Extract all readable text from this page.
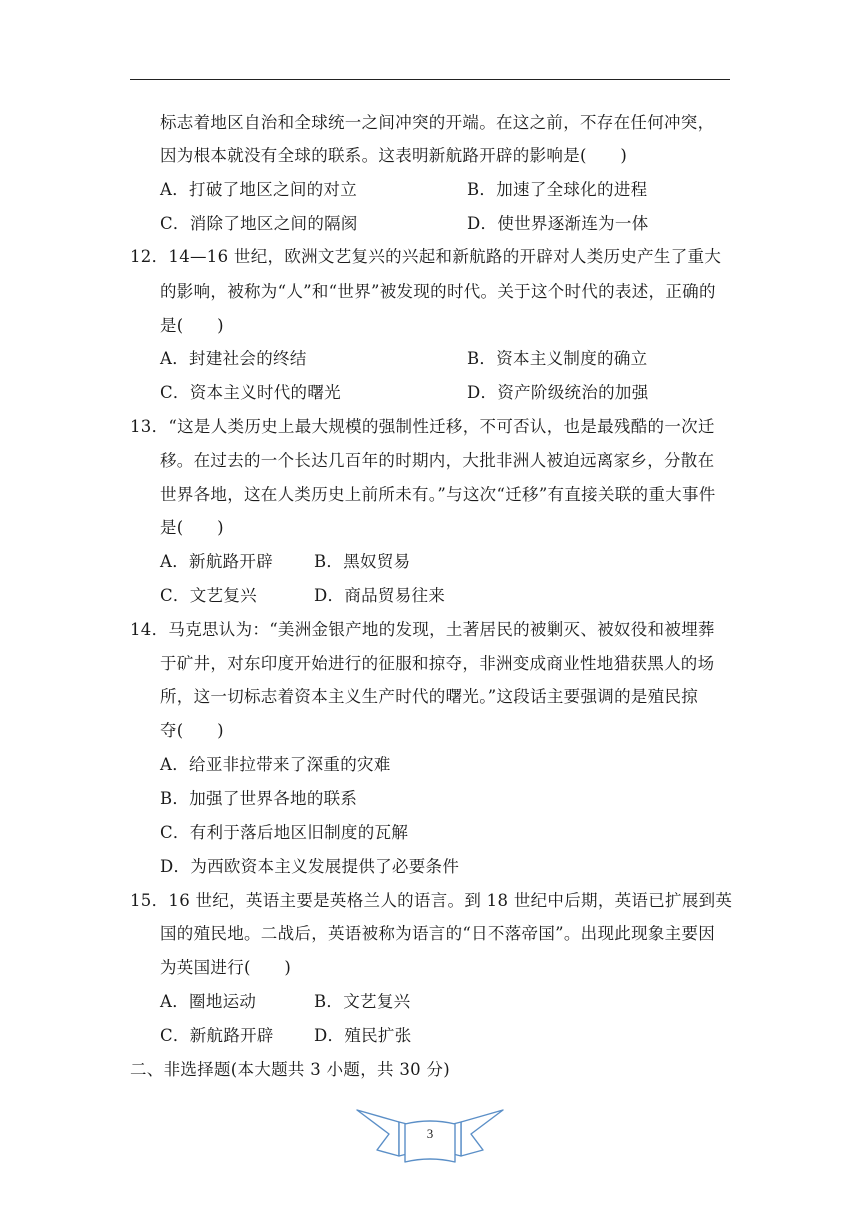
标志着地区自治和全球统一之间冲突的开端。在这之前，不存在任何冲突，
因为根本就没有全球的联系。这表明新航路开辟的影响是(　　)
A．打破了地区之间的对立	B．加速了全球化的进程
C．消除了地区之间的隔阂	D．使世界逐渐连为一体
12．14—16 世纪，欧洲文艺复兴的兴起和新航路的开辟对人类历史产生了重大
的影响，被称为“人”和“世界”被发现的时代。关于这个时代的表述，正确的
是(　　)
A．封建社会的终结	B．资本主义制度的确立
C．资本主义时代的曙光	D．资产阶级统治的加强
13．“这是人类历史上最大规模的强制性迁移，不可否认，也是最残酷的一次迁
移。在过去的一个长达几百年的时期内，大批非洲人被迫远离家乡，分散在
世界各地，这在人类历史上前所未有。”与这次“迁移”有直接关联的重大事件
是(　　)
A．新航路开辟 B．黑奴贸易
C．文艺复兴	D．商品贸易往来
14．马克思认为：“美洲金银产地的发现，土著居民的被剿灭、被奴役和被埋葬
于矿井，对东印度开始进行的征服和掠夺，非洲变成商业性地猎获黑人的场
所，这一切标志着资本主义生产时代的曙光。”这段话主要强调的是殖民掠
夺(　　)
A．给亚非拉带来了深重的灾难
B．加强了世界各地的联系
C．有利于落后地区旧制度的瓦解
D．为西欧资本主义发展提供了必要条件
15．16 世纪，英语主要是英格兰人的语言。到 18 世纪中后期，英语已扩展到英
国的殖民地。二战后，英语被称为语言的“日不落帝国”。出现此现象主要因
为英国进行(　　)
A．圈地运动	B．文艺复兴
C．新航路开辟 D．殖民扩张
二、非选择题(本大题共 3 小题，共 30 分)
3
